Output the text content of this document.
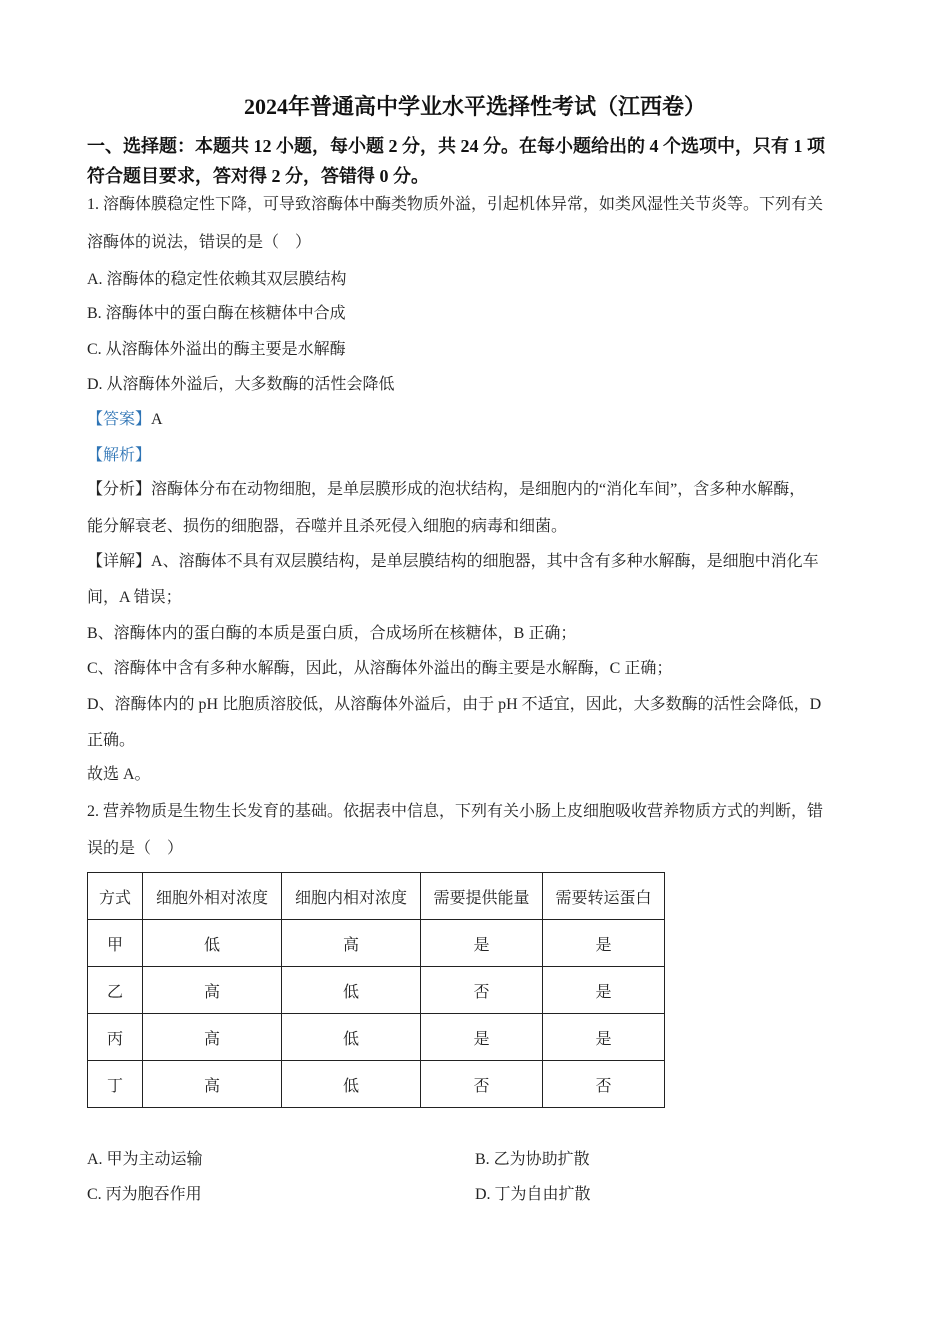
2024年普通高中学业水平选择性考试（江西卷）
一、选择题：本题共 12 小题，每小题 2 分，共 24 分。在每小题给出的 4 个选项中，只有 1 项
符合题目要求，答对得 2 分，答错得 0 分。
1. 溶酶体膜稳定性下降，可导致溶酶体中酶类物质外溢，引起机体异常，如类风湿性关节炎等。下列有关
溶酶体的说法，错误的是（　）
A. 溶酶体的稳定性依赖其双层膜结构
B. 溶酶体中的蛋白酶在核糖体中合成
C. 从溶酶体外溢出的酶主要是水解酶
D. 从溶酶体外溢后，大多数酶的活性会降低
【答案】A
【解析】
【分析】溶酶体分布在动物细胞，是单层膜形成的泡状结构，是细胞内的“消化车间”，含多种水解酶，
能分解衰老、损伤的细胞器，吞噬并且杀死侵入细胞的病毒和细菌。
【详解】A、溶酶体不具有双层膜结构，是单层膜结构的细胞器，其中含有多种水解酶，是细胞中消化车
间，A 错误；
B、溶酶体内的蛋白酶的本质是蛋白质，合成场所在核糖体，B 正确；
C、溶酶体中含有多种水解酶，因此，从溶酶体外溢出的酶主要是水解酶，C 正确；
D、溶酶体内的 pH 比胞质溶胶低，从溶酶体外溢后，由于 pH 不适宜，因此，大多数酶的活性会降低，D
正确。
故选 A。
2. 营养物质是生物生长发育的基础。依据表中信息，下列有关小肠上皮细胞吸收营养物质方式的判断，错
误的是（　）
方式	细胞外相对浓度	细胞内相对浓度	需要提供能量	需要转运蛋白
甲	低	高	是	是
乙	高	低	否	是
丙	高	低	是	是
丁	高	低	否	否
A. 甲为主动运输	B. 乙为协助扩散
C. 丙为胞吞作用	D. 丁为自由扩散
